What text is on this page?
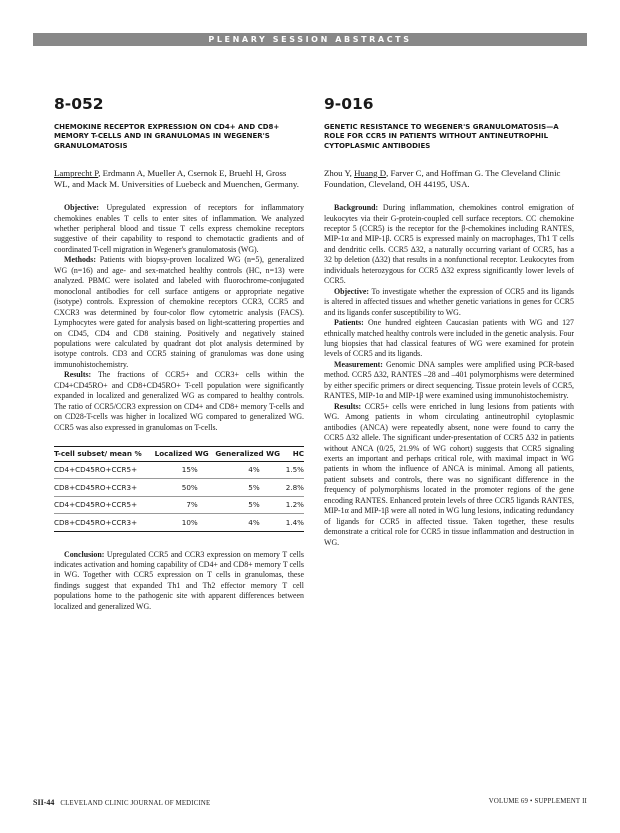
PLENARY SESSION ABSTRACTS
8-052
CHEMOKINE RECEPTOR EXPRESSION ON CD4+ AND CD8+ MEMORY T-CELLS AND IN GRANULOMAS IN WEGENER'S GRANULOMATOSIS
Lamprecht P, Erdmann A, Mueller A, Csernok E, Bruehl H, Gross WL, and Mack M. Universities of Luebeck and Muenchen, Germany.

Objective: Upregulated expression of receptors for inflammatory chemokines enables T cells to enter sites of inflammation. We analyzed whether peripheral blood and tissue T cells express chemokine receptors suggestive of their capability to respond to chemotactic gradients and of coordinated T-cell migration in Wegener's granulomatosis (WG).

Methods: Patients with biopsy-proven localized WG (n=5), generalized WG (n=16) and age- and sex-matched healthy controls (HC, n=13) were analyzed. PBMC were isolated and labeled with fluorochrome-conjugated monoclonal antibodies for cell surface antigens or appropriate negative (isotype) controls. Expression of chemokine receptors CCR3, CCR5 and CXCR3 was determined by four-color flow cytometric analysis (FACS). Lymphocytes were gated for analysis based on light-scattering properties and on CD45, CD4 and CD8 staining. Positively and negatively stained populations were calculated by quadrant dot plot analysis determined by isotype controls. CD3 and CCR5 staining of granulomas was done using immunohistochemistry.

Results: The fractions of CCR5+ and CCR3+ cells within the CD4+CD45RO+ and CD8+CD45RO+ T-cell population were significantly expanded in localized and generalized WG as compared to healthy controls. The ratio of CCR5/CCR3 expression on CD4+ and CD8+ memory T-cells and on CD28-T-cells was higher in localized WG compared to generalized WG. CCR5 was also expressed in granulomas on T-cells.

T-cell subset/ mean %	Localized WG	Generalized WG	HC
CD4+CD45RO+CCR5+	15%	4%	1.5%
CD8+CD45RO+CCR3+	50%	5%	2.8%
CD4+CD45RO+CCR5+	7%	5%	1.2%
CD8+CD45RO+CCR3+	10%	4%	1.4%

Conclusion: Upregulated CCR5 and CCR3 expression on memory T cells indicates activation and homing capability of CD4+ and CD8+ memory T cells in WG. Together with CCR5 expression on T cells in granulomas, these findings suggest that expanded Th1 and Th2 effector memory T cell populations home to the pathogenic site with apparent differences between localized and generalized WG.

9-016
GENETIC RESISTANCE TO WEGENER'S GRANULOMATOSIS—A ROLE FOR CCR5 IN PATIENTS WITHOUT ANTINEUTROPHIL CYTOPLASMIC ANTIBODIES
Zhou Y, Huang D, Farver C, and Hoffman G. The Cleveland Clinic Foundation, Cleveland, OH 44195, USA.

Background: During inflammation, chemokines control emigration of leukocytes via their G-protein-coupled cell surface receptors. CC chemokine receptor 5 (CCR5) is the receptor for the β-chemokines including RANTES, MIP-1α and MIP-1β. CCR5 is expressed mainly on macrophages, Th1 T cells and dendritic cells. CCR5 Δ32, a naturally occurring variant of CCR5, has a 32 bp deletion (Δ32) that results in a nonfunctional receptor. Leukocytes from individuals heterozygous for CCR5 Δ32 express significantly lower levels of CCR5.

Objective: To investigate whether the expression of CCR5 and its ligands is altered in affected tissues and whether genetic variations in genes for CCR5 and its ligands confer susceptibility to WG.

Patients: One hundred eighteen Caucasian patients with WG and 127 ethnically matched healthy controls were included in the genetic analysis. Four lung biopsies that had classical features of WG were examined for protein levels of CCR5 and its ligands.

Measurement: Genomic DNA samples were amplified using PCR-based method. CCR5 Δ32, RANTES –28 and –401 polymorphisms were determined by either specific primers or direct sequencing. Tissue protein levels of CCR5, RANTES, MIP-1α and MIP-1β were examined using immunohistochemistry.

Results: CCR5+ cells were enriched in lung lesions from patients with WG. Among patients in whom circulating antineutrophil cytoplasmic antibodies (ANCA) were repeatedly absent, none were found to carry the CCR5 Δ32 allele. The significant under-presentation of CCR5 Δ32 in patients without ANCA (0/25, 21.9% of WG cohort) suggests that CCR5 signaling exerts an important and perhaps critical role, with maximal impact in WG patients in whom the influence of ANCA is minimal. Among all patients, patient subsets and controls, there was no significant difference in the frequency of polymorphisms located in the promoter regions of the gene encoding RANTES. Enhanced protein levels of three CCR5 ligands RANTES, MIP-1α and MIP-1β were all noted in WG lung lesions, indicating redundancy of ligands for CCR5 in affected tissue. Taken together, these results demonstrate a critical role for CCR5 in tissue inflammation and destruction in WG.

SII-44 CLEVELAND CLINIC JOURNAL OF MEDICINE	VOLUME 69 • SUPPLEMENT II
